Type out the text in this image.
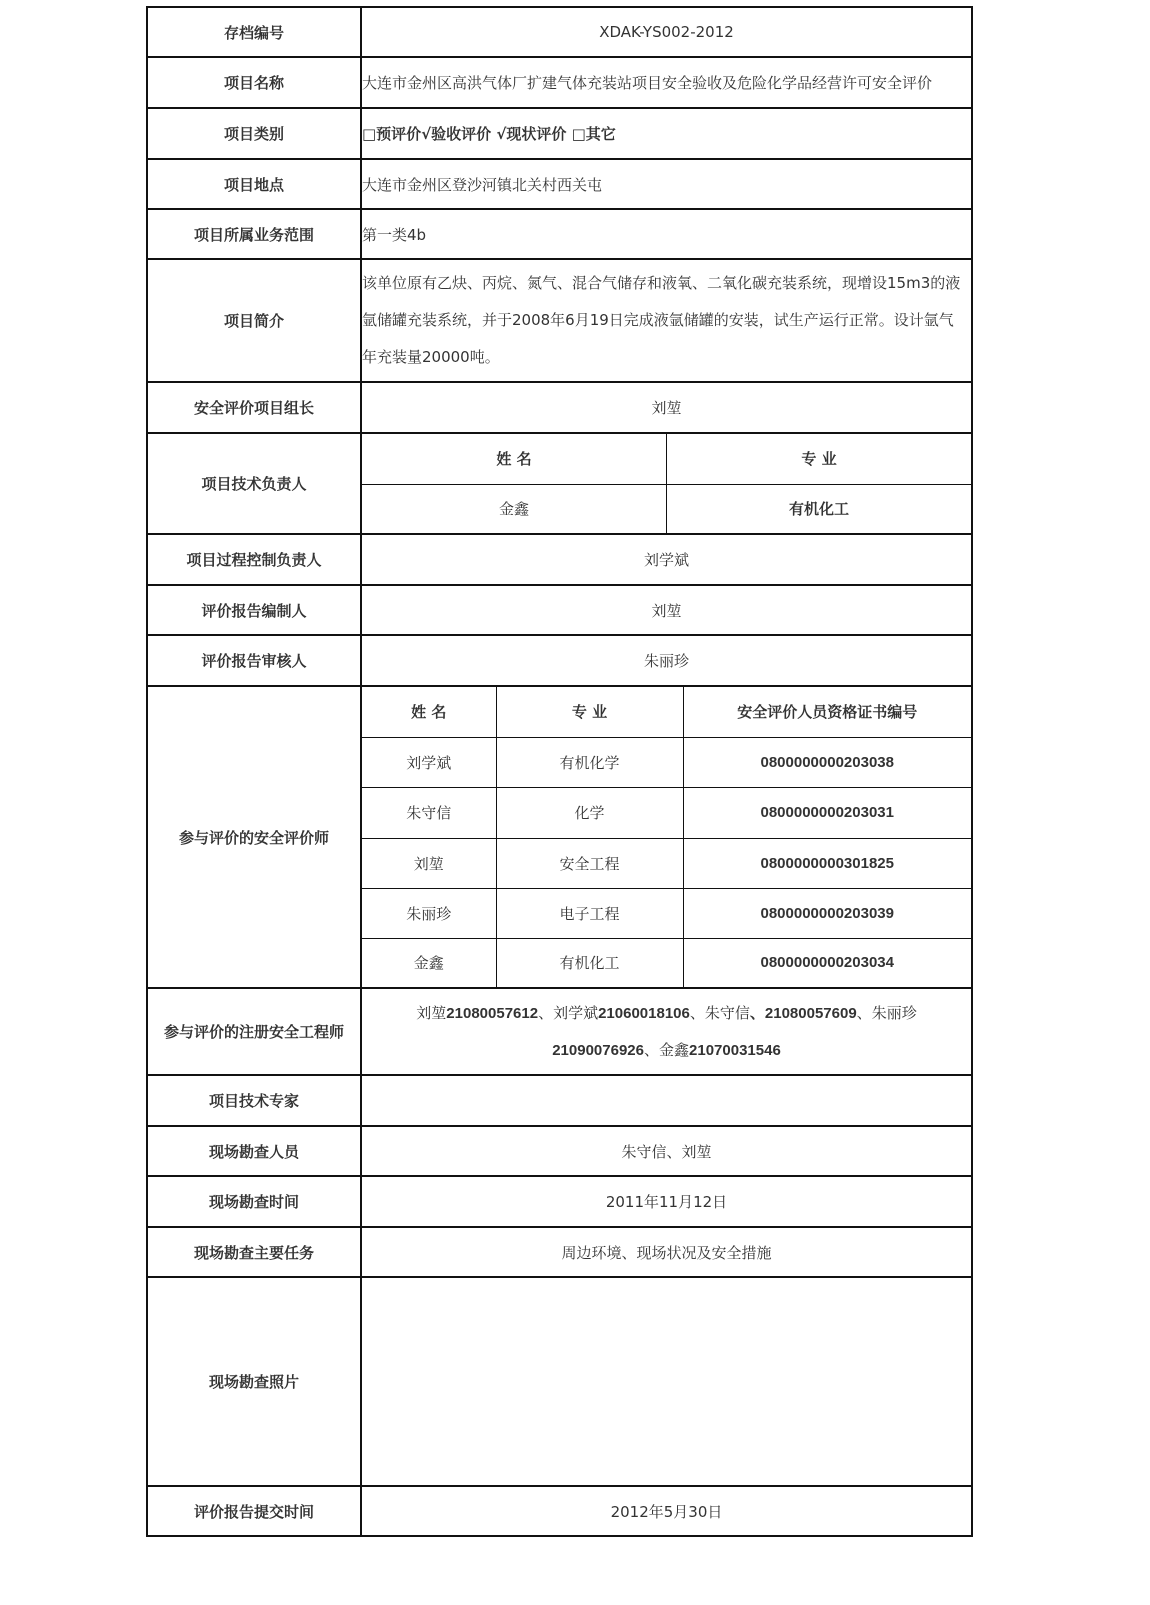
存档编号	XDAK-YS002-2012
项目名称	大连市金州区高洪气体厂扩建气体充装站项目安全验收及危险化学品经营许可安全评价
项目类别	□预评价√验收评价 √现状评价 □其它
项目地点	大连市金州区登沙河镇北关村西关屯
项目所属业务范围	第一类4b
项目简介	
该单位原有乙炔、丙烷、氮气、混合气储存和液氧、二氧化碳充装系统，现增设15m3的液氩储罐充装系统，并于2008年6月19日完成液氩储罐的安装，试生产运行正常。设计氩气年充装量20000吨。

安全评价项目组长	刘堃
项目技术负责人	
姓 名	专 业
金鑫	有机化工

项目过程控制负责人	刘学斌
评价报告编制人	刘堃
评价报告审核人	朱丽珍
参与评价的安全评价师	
姓 名	专 业	安全评价人员资格证书编号
刘学斌	有机化学	0800000000203038
朱守信	化学	0800000000203031
刘堃	安全工程	0800000000301825
朱丽珍	电子工程	0800000000203039
金鑫	有机化工	0800000000203034

参与评价的注册安全工程师	
刘堃21080057612、刘学斌21060018106、朱守信、21080057609、朱丽珍21090076926、金鑫21070031546

项目技术专家	
现场勘查人员	朱守信、刘堃
现场勘查时间	2011年11月12日
现场勘查主要任务	周边环境、现场状况及安全措施
现场勘查照片	
评价报告提交时间	2012年5月30日
